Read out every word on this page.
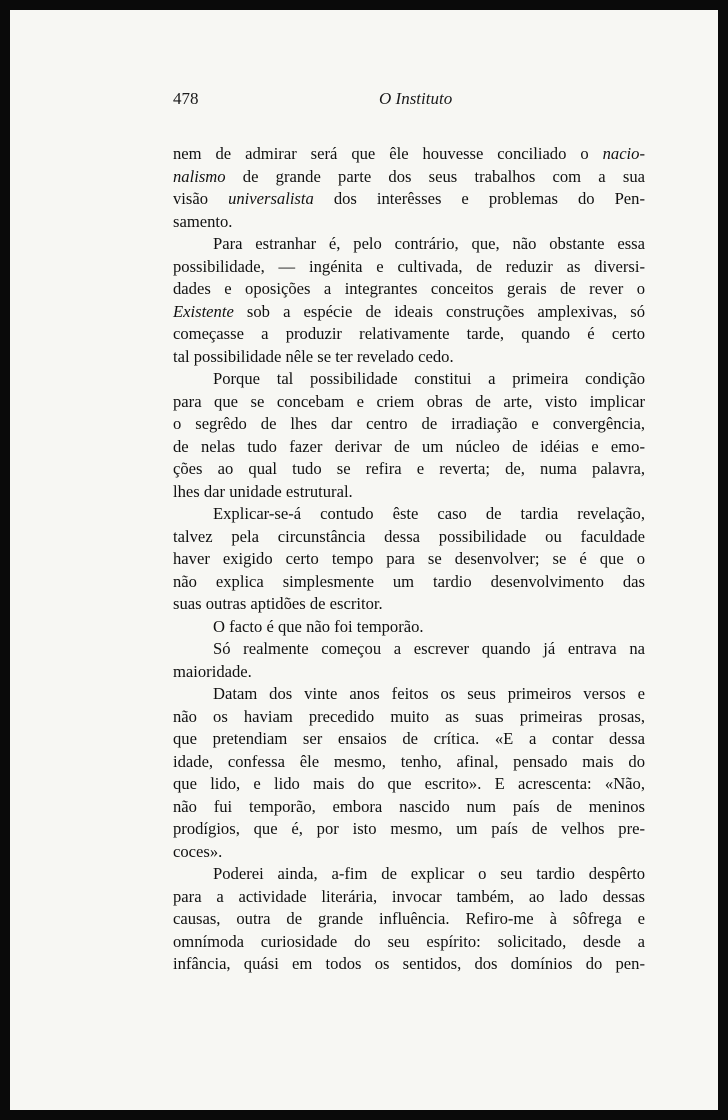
478	O Instituto
nem de admirar será que êle houvesse conciliado o nacio-
nalismo de grande parte dos seus trabalhos com a sua
visão universalista dos interêsses e problemas do Pen-
samento.
Para estranhar é, pelo contrário, que, não obstante essa
possibilidade, — ingénita e cultivada, de reduzir as diversi-
dades e oposições a integrantes conceitos gerais de rever o
Existente sob a espécie de ideais construções amplexivas, só
começasse a produzir relativamente tarde, quando é certo
tal possibilidade nêle se ter revelado cedo.
Porque tal possibilidade constitui a primeira condição
para que se concebam e criem obras de arte, visto implicar
o segrêdo de lhes dar centro de irradiação e convergência,
de nelas tudo fazer derivar de um núcleo de idéias e emo-
ções ao qual tudo se refira e reverta; de, numa palavra,
lhes dar unidade estrutural.
Explicar-se-á contudo êste caso de tardia revelação,
talvez pela circunstância dessa possibilidade ou faculdade
haver exigido certo tempo para se desenvolver; se é que o
não explica simplesmente um tardio desenvolvimento das
suas outras aptidões de escritor.
O facto é que não foi temporão.
Só realmente começou a escrever quando já entrava na
maioridade.
Datam dos vinte anos feitos os seus primeiros versos e
não os haviam precedido muito as suas primeiras prosas,
que pretendiam ser ensaios de crítica. «E a contar dessa
idade, confessa êle mesmo, tenho, afinal, pensado mais do
que lido, e lido mais do que escrito». E acrescenta: «Não,
não fui temporão, embora nascido num país de meninos
prodígios, que é, por isto mesmo, um país de velhos pre-
coces».
Poderei ainda, a-fim de explicar o seu tardio despêrto
para a actividade literária, invocar também, ao lado dessas
causas, outra de grande influência. Refiro-me à sôfrega e
omnímoda curiosidade do seu espírito: solicitado, desde a
infância, quási em todos os sentidos, dos domínios do pen-
